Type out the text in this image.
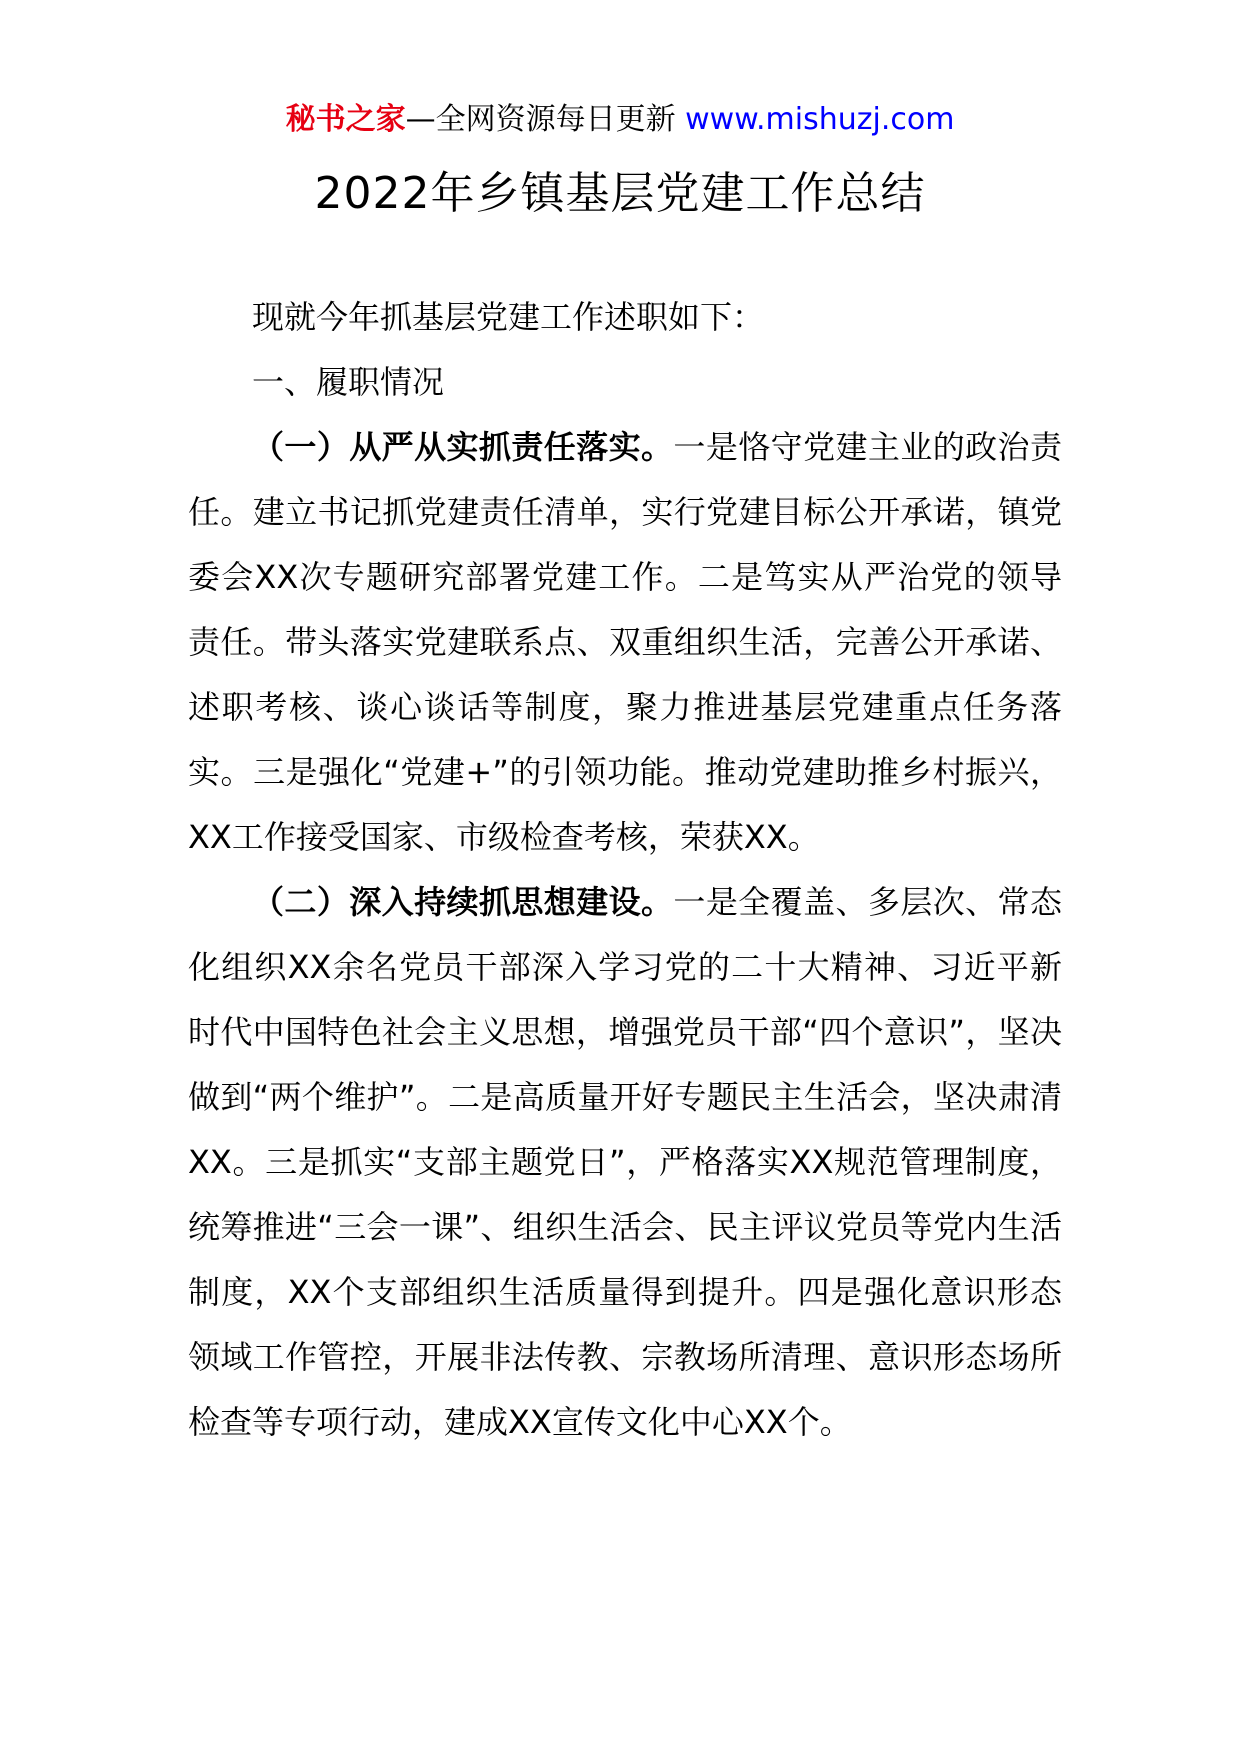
秘书之家—全网资源每日更新 www.mishuzj.com
2022年乡镇基层党建工作总结

现就今年抓基层党建工作述职如下：

一、履职情况

（一）从严从实抓责任落实。一是恪守党建主业的政治责任。建立书记抓党建责任清单，实行党建目标公开承诺，镇党委会XX次专题研究部署党建工作。二是笃实从严治党的领导责任。带头落实党建联系点、双重组织生活，完善公开承诺、述职考核、谈心谈话等制度，聚力推进基层党建重点任务落实。三是强化“党建+”的引领功能。推动党建助推乡村振兴，XX工作接受国家、市级检查考核，荣获XX。

（二）深入持续抓思想建设。一是全覆盖、多层次、常态化组织XX余名党员干部深入学习党的二十大精神、习近平新时代中国特色社会主义思想，增强党员干部“四个意识”，坚决做到“两个维护”。二是高质量开好专题民主生活会，坚决肃清XX。三是抓实“支部主题党日”，严格落实XX规范管理制度，统筹推进“三会一课”、组织生活会、民主评议党员等党内生活制度，XX个支部组织生活质量得到提升。四是强化意识形态领域工作管控，开展非法传教、宗教场所清理、意识形态场所检查等专项行动，建成XX宣传文化中心XX个。
